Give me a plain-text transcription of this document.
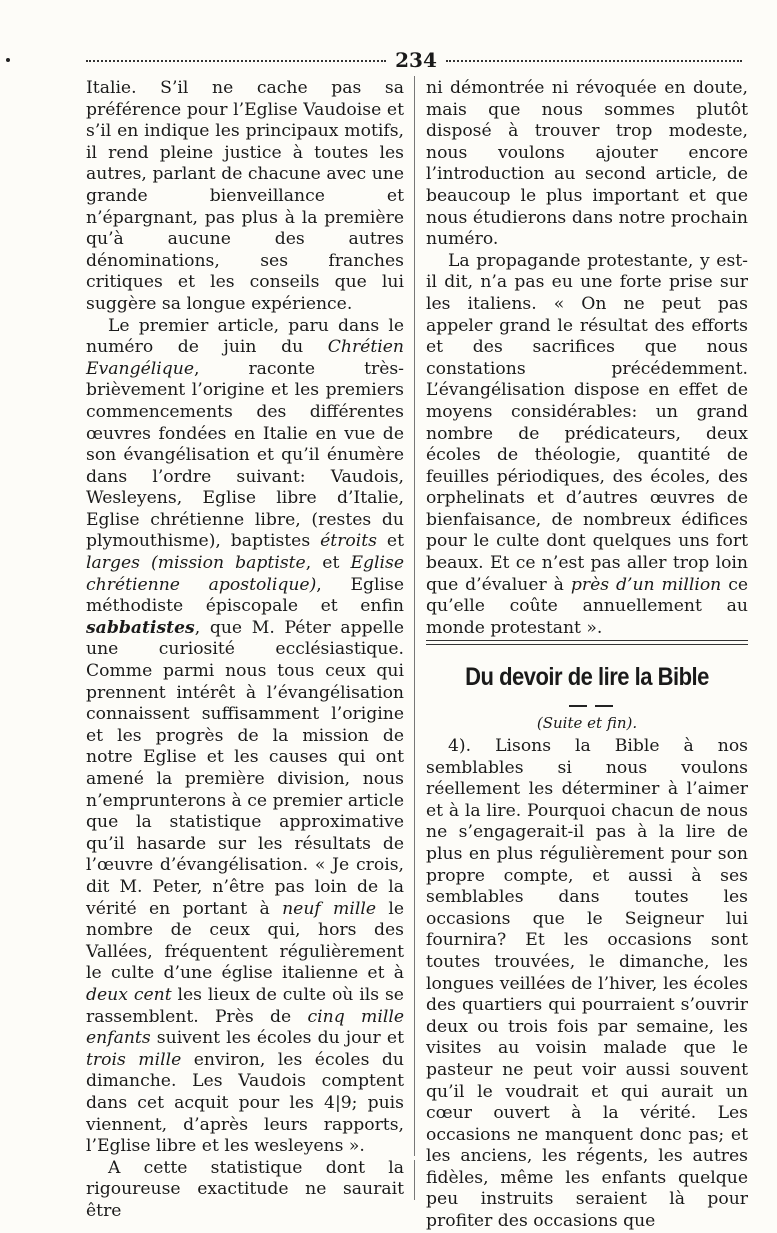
234

Italie. S’il ne cache pas sa préférence pour l’Eglise Vaudoise et s’il en indique les principaux motifs, il rend pleine justice à toutes les autres, parlant de chacune avec une grande bienveillance et n’épargnant, pas plus à la première qu’à aucune des autres dénominations, ses franches critiques et les conseils que lui suggère sa longue expérience.

Le premier article, paru dans le numéro de juin du Chrétien Evangélique, raconte très-brièvement l’origine et les premiers commencements des différentes œuvres fondées en Italie en vue de son évangélisation et qu’il énumère dans l’ordre suivant: Vaudois, Wesleyens, Eglise libre d’Italie, Eglise chrétienne libre, (restes du plymouthisme), baptistes étroits et larges (mission baptiste, et Eglise chrétienne apostolique), Eglise méthodiste épiscopale et enfin sabbatistes, que M. Péter appelle une curiosité ecclésiastique. Comme parmi nous tous ceux qui prennent intérêt à l’évangélisation connaissent suffisamment l’origine et les progrès de la mission de notre Eglise et les causes qui ont amené la première division, nous n’emprunterons à ce premier article que la statistique approximative qu’il hasarde sur les résultats de l’œuvre d’évangélisation. « Je crois, dit M. Peter, n’être pas loin de la vérité en portant à neuf mille le nombre de ceux qui, hors des Vallées, fréquentent régulièrement le culte d’une église italienne et à deux cent les lieux de culte où ils se rassemblent. Près de cinq mille enfants suivent les écoles du jour et trois mille environ, les écoles du dimanche. Les Vaudois comptent dans cet acquit pour les 4|9; puis viennent, d’après leurs rapports, l’Eglise libre et les wesleyens ».

A cette statistique dont la rigoureuse exactitude ne saurait être

ni démontrée ni révoquée en doute, mais que nous sommes plutôt disposé à trouver trop modeste, nous voulons ajouter encore l’introduction au second article, de beaucoup le plus important et que nous étudierons dans notre prochain numéro.

La propagande protestante, y est-il dit, n’a pas eu une forte prise sur les italiens. « On ne peut pas appeler grand le résultat des efforts et des sacrifices que nous constations précédemment. L’évangélisation dispose en effet de moyens considérables: un grand nombre de prédicateurs, deux écoles de théologie, quantité de feuilles périodiques, des écoles, des orphelinats et d’autres œuvres de bienfaisance, de nombreux édifices pour le culte dont quelques uns fort beaux. Et ce n’est pas aller trop loin que d’évaluer à près d’un million ce qu’elle coûte annuellement au monde protestant ».

Du devoir de lire la Bible
(Suite et fin).

4). Lisons la Bible à nos semblables si nous voulons réellement les déterminer à l’aimer et à la lire. Pourquoi chacun de nous ne s’engagerait-il pas à la lire de plus en plus régulièrement pour son propre compte, et aussi à ses semblables dans toutes les occasions que le Seigneur lui fournira? Et les occasions sont toutes trouvées, le dimanche, les longues veillées de l’hiver, les écoles des quartiers qui pourraient s’ouvrir deux ou trois fois par semaine, les visites au voisin malade que le pasteur ne peut voir aussi souvent qu’il le voudrait et qui aurait un cœur ouvert à la vérité. Les occasions ne manquent donc pas; et les anciens, les régents, les autres fidèles, même les enfants quelque peu instruits seraient là pour profiter des occasions que
